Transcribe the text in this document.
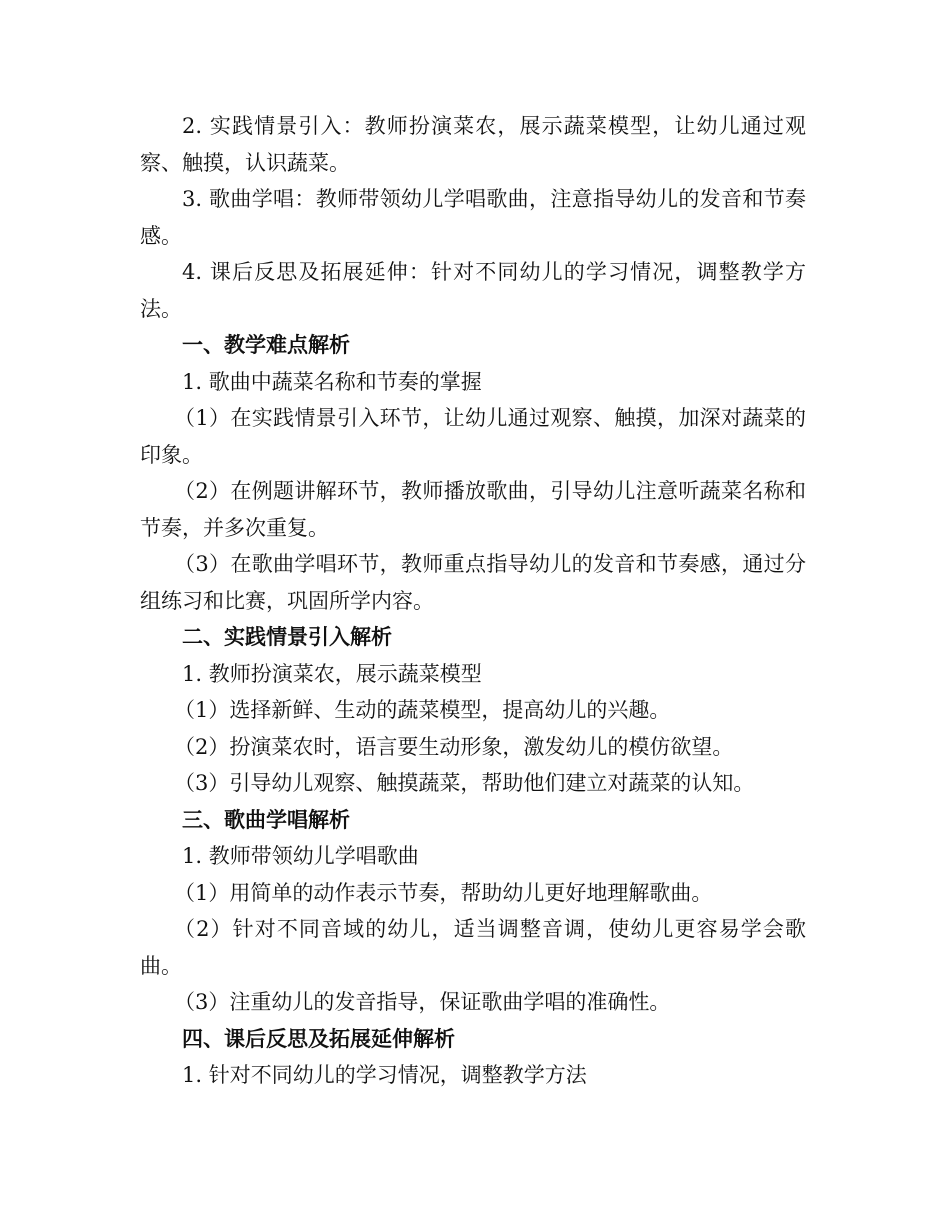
2. 实践情景引入：教师扮演菜农，展示蔬菜模型，让幼儿通过观察、触摸，认识蔬菜。

3. 歌曲学唱：教师带领幼儿学唱歌曲，注意指导幼儿的发音和节奏感。

4. 课后反思及拓展延伸：针对不同幼儿的学习情况，调整教学方法。

一、教学难点解析

1. 歌曲中蔬菜名称和节奏的掌握

（1）在实践情景引入环节，让幼儿通过观察、触摸，加深对蔬菜的印象。

（2）在例题讲解环节，教师播放歌曲，引导幼儿注意听蔬菜名称和节奏，并多次重复。

（3）在歌曲学唱环节，教师重点指导幼儿的发音和节奏感，通过分组练习和比赛，巩固所学内容。

二、实践情景引入解析

1. 教师扮演菜农，展示蔬菜模型

（1）选择新鲜、生动的蔬菜模型，提高幼儿的兴趣。

（2）扮演菜农时，语言要生动形象，激发幼儿的模仿欲望。

（3）引导幼儿观察、触摸蔬菜，帮助他们建立对蔬菜的认知。

三、歌曲学唱解析

1. 教师带领幼儿学唱歌曲

（1）用简单的动作表示节奏，帮助幼儿更好地理解歌曲。

（2）针对不同音域的幼儿，适当调整音调，使幼儿更容易学会歌曲。

（3）注重幼儿的发音指导，保证歌曲学唱的准确性。

四、课后反思及拓展延伸解析

1. 针对不同幼儿的学习情况，调整教学方法
